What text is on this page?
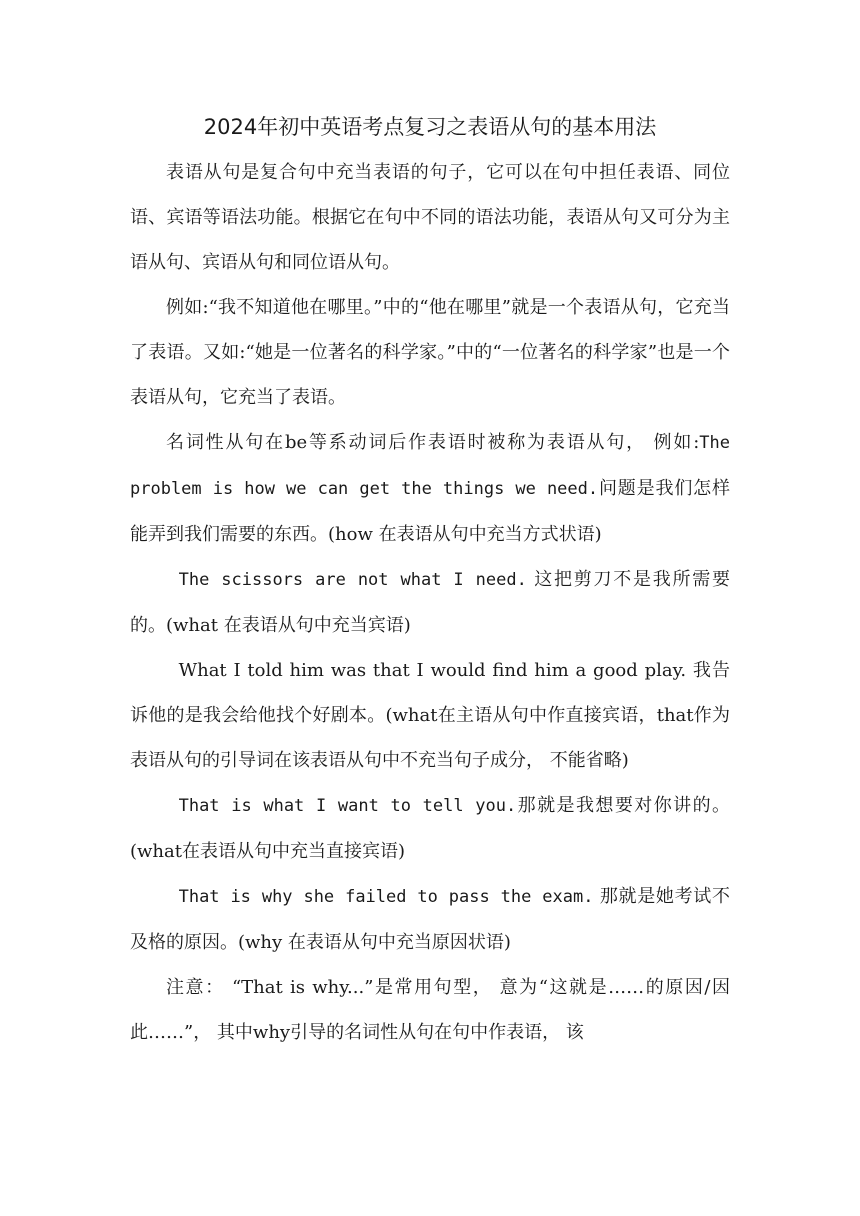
2024年初中英语考点复习之表语从句的基本用法

表语从句是复合句中充当表语的句子，它可以在句中担任表语、同位语、宾语等语法功能。根据它在句中不同的语法功能，表语从句又可分为主语从句、宾语从句和同位语从句。

例如:“我不知道他在哪里。”中的“他在哪里”就是一个表语从句，它充当了表语。又如:“她是一位著名的科学家。”中的“一位著名的科学家”也是一个表语从句，它充当了表语。

名词性从句在be等系动词后作表语时被称为表语从句， 例如:The problem is how we can get the things we need.问题是我们怎样能弄到我们需要的东西。(how 在表语从句中充当方式状语)

The scissors are not what I need. 这把剪刀不是我所需要的。(what 在表语从句中充当宾语)

What I told him was that I would find him a good play. 我告诉他的是我会给他找个好剧本。(what在主语从句中作直接宾语，that作为表语从句的引导词在该表语从句中不充当句子成分， 不能省略)

That is what I want to tell you.那就是我想要对你讲的。(what在表语从句中充当直接宾语)

That is why she failed to pass the exam. 那就是她考试不及格的原因。(why 在表语从句中充当原因状语)

注意： “That is why...”是常用句型， 意为“这就是……的原因/因此……”， 其中why引导的名词性从句在句中作表语， 该
